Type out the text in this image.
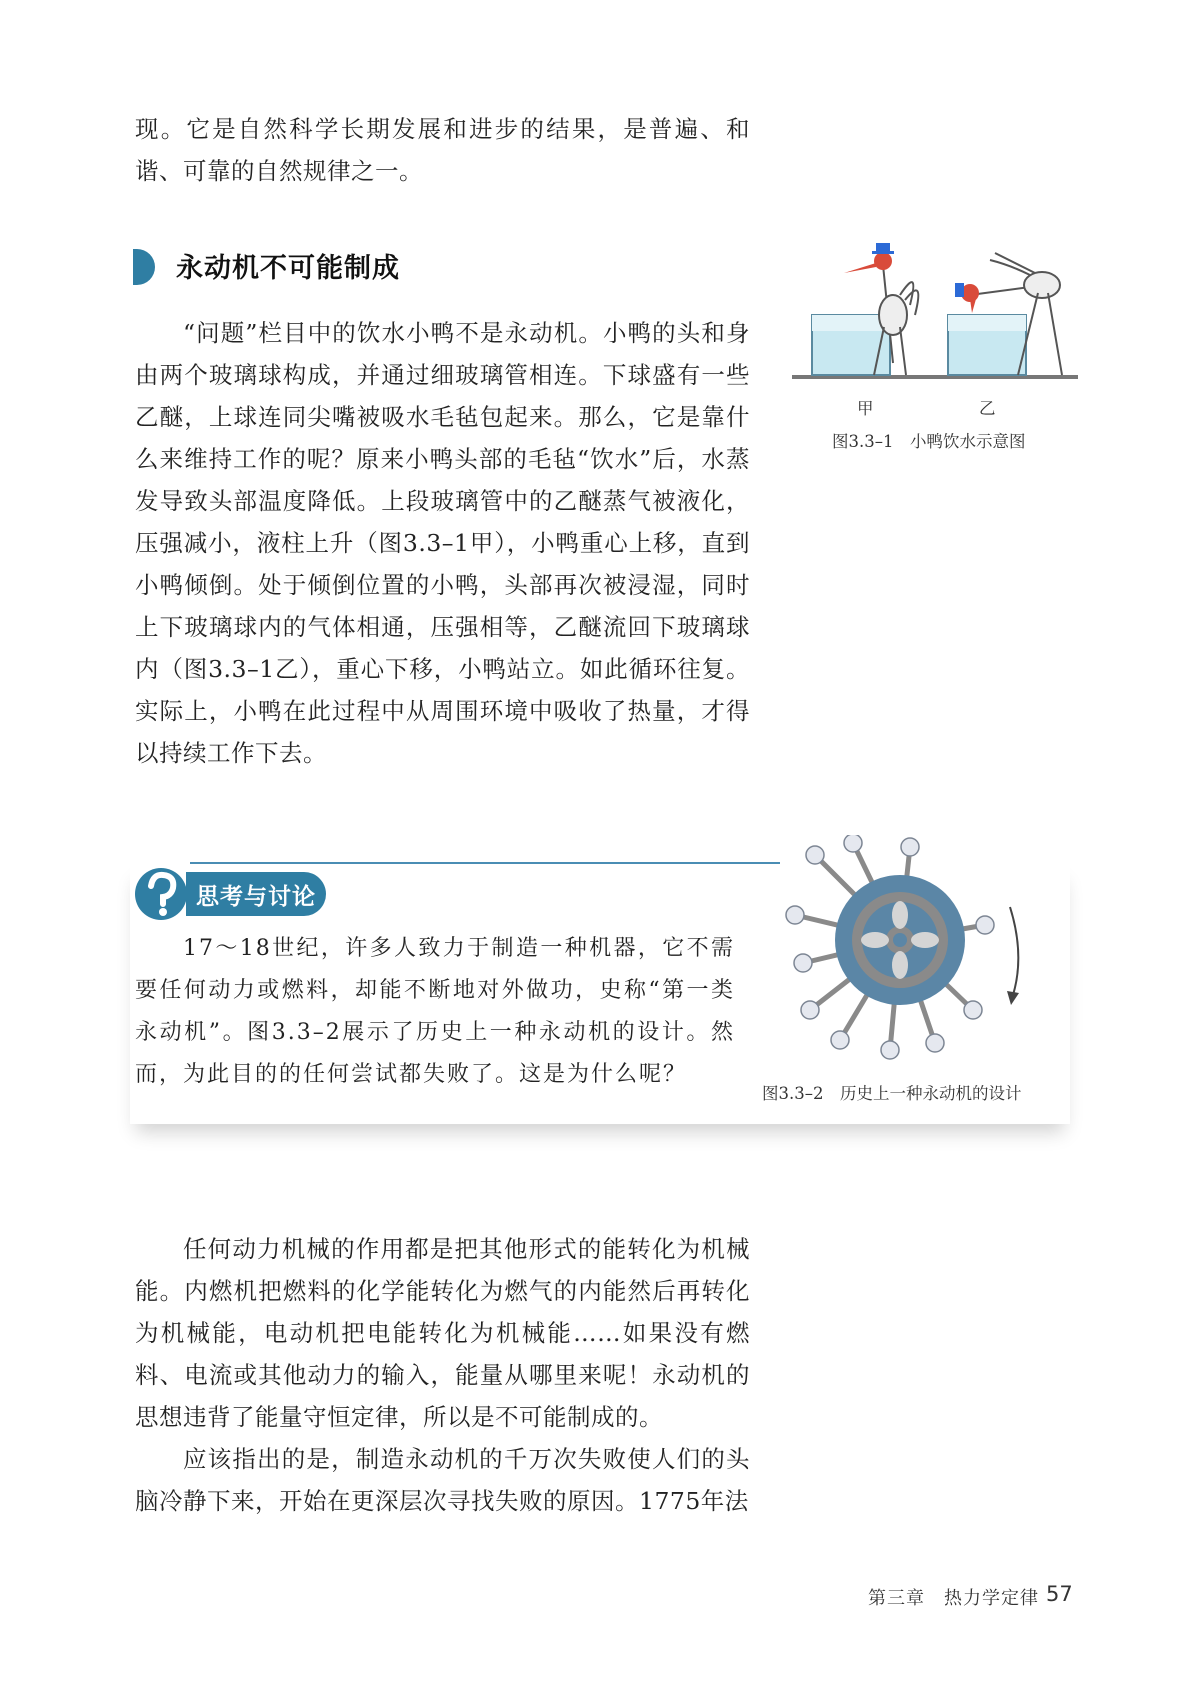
现。它是自然科学长期发展和进步的结果，是普遍、和谐、可靠的自然规律之一。

永动机不可能制成

“问题”栏目中的饮水小鸭不是永动机。小鸭的头和身由两个玻璃球构成，并通过细玻璃管相连。下球盛有一些乙醚，上球连同尖嘴被吸水毛毡包起来。那么，它是靠什么来维持工作的呢？原来小鸭头部的毛毡“饮水”后，水蒸发导致头部温度降低。上段玻璃管中的乙醚蒸气被液化，压强减小，液柱上升（图3.3–1甲），小鸭重心上移，直到小鸭倾倒。处于倾倒位置的小鸭，头部再次被浸湿，同时上下玻璃球内的气体相通，压强相等，乙醚流回下玻璃球内（图3.3–1乙），重心下移，小鸭站立。如此循环往复。实际上，小鸭在此过程中从周围环境中吸收了热量，才得以持续工作下去。

甲	乙
图3.3–1　小鸭饮水示意图
思考与讨论

17～18世纪，许多人致力于制造一种机器，它不需要任何动力或燃料，却能不断地对外做功，史称“第一类永动机”。图3.3–2展示了历史上一种永动机的设计。然而，为此目的的任何尝试都失败了。这是为什么呢？

图3.3–2　历史上一种永动机的设计

任何动力机械的作用都是把其他形式的能转化为机械能。内燃机把燃料的化学能转化为燃气的内能然后再转化为机械能，电动机把电能转化为机械能……如果没有燃料、电流或其他动力的输入，能量从哪里来呢！永动机的思想违背了能量守恒定律，所以是不可能制成的。

应该指出的是，制造永动机的千万次失败使人们的头脑冷静下来，开始在更深层次寻找失败的原因。1775年法

第三章　热力学定律 57
